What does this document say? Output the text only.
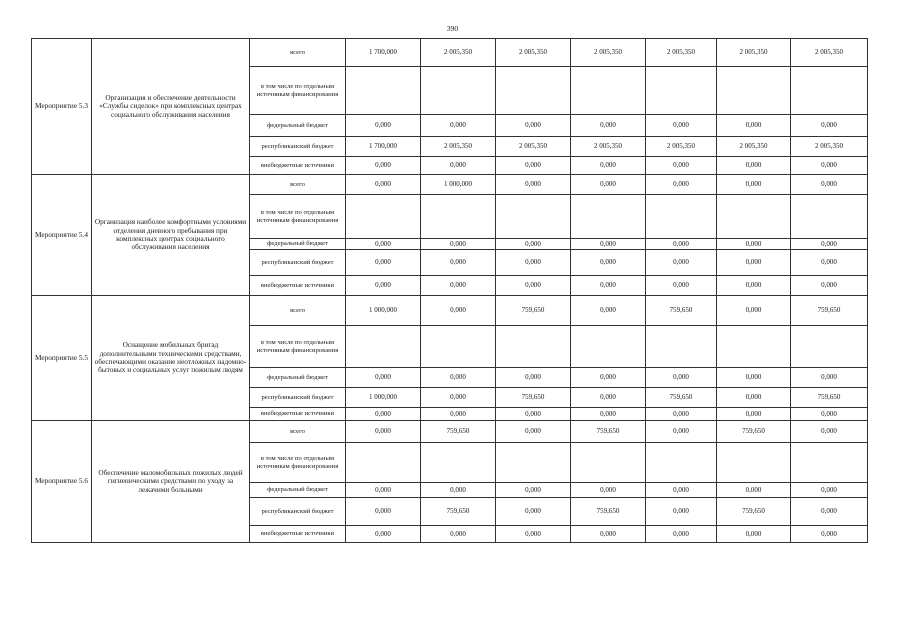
390
Мероприятие 5.3	Организация и обеспечение деятельности «Службы сиделок» при комплексных центрах социального обслуживания населения	всего	1 700,000	2 005,350	2 005,350	2 005,350	2 005,350	2 005,350	2 005,350
		в том числе по отдельным источникам финансирования							
		федеральный бюджет	0,000	0,000	0,000	0,000	0,000	0,000	0,000
		республиканский бюджет	1 700,000	2 005,350	2 005,350	2 005,350	2 005,350	2 005,350	2 005,350
		внебюджетные источники	0,000	0,000	0,000	0,000	0,000	0,000	0,000
Мероприятие 5.4	Организация наиболее комфортными условиями отделения дневного пребывания при комплексных центрах социального обслуживания населения	всего	0,000	1 000,000	0,000	0,000	0,000	0,000	0,000
		в том числе по отдельным источникам финансирования							
		федеральный бюджет	0,000	0,000	0,000	0,000	0,000	0,000	0,000
		республиканский бюджет	0,000	0,000	0,000	0,000	0,000	0,000	0,000
		внебюджетные источники	0,000	0,000	0,000	0,000	0,000	0,000	0,000
Мероприятие 5.5	Оснащение мобильных бригад дополнительными техническими средствами, обеспечающими оказание неотложных надомно-бытовых и социальных услуг пожилым людям	всего	1 000,000	0,000	759,650	0,000	759,650	0,000	759,650
		в том числе по отдельным источникам финансирования							
		федеральный бюджет	0,000	0,000	0,000	0,000	0,000	0,000	0,000
		республиканский бюджет	1 000,000	0,000	759,650	0,000	759,650	0,000	759,650
		внебюджетные источники	0,000	0,000	0,000	0,000	0,000	0,000	0,000
Мероприятие 5.6	Обеспечение маломобильных пожилых людей гигиеническими средствами по уходу за лежачими больными	всего	0,000	759,650	0,000	759,650	0,000	759,650	0,000
		в том числе по отдельным источникам финансирования							
		федеральный бюджет	0,000	0,000	0,000	0,000	0,000	0,000	0,000
		республиканский бюджет	0,000	759,650	0,000	759,650	0,000	759,650	0,000
		внебюджетные источники	0,000	0,000	0,000	0,000	0,000	0,000	0,000
